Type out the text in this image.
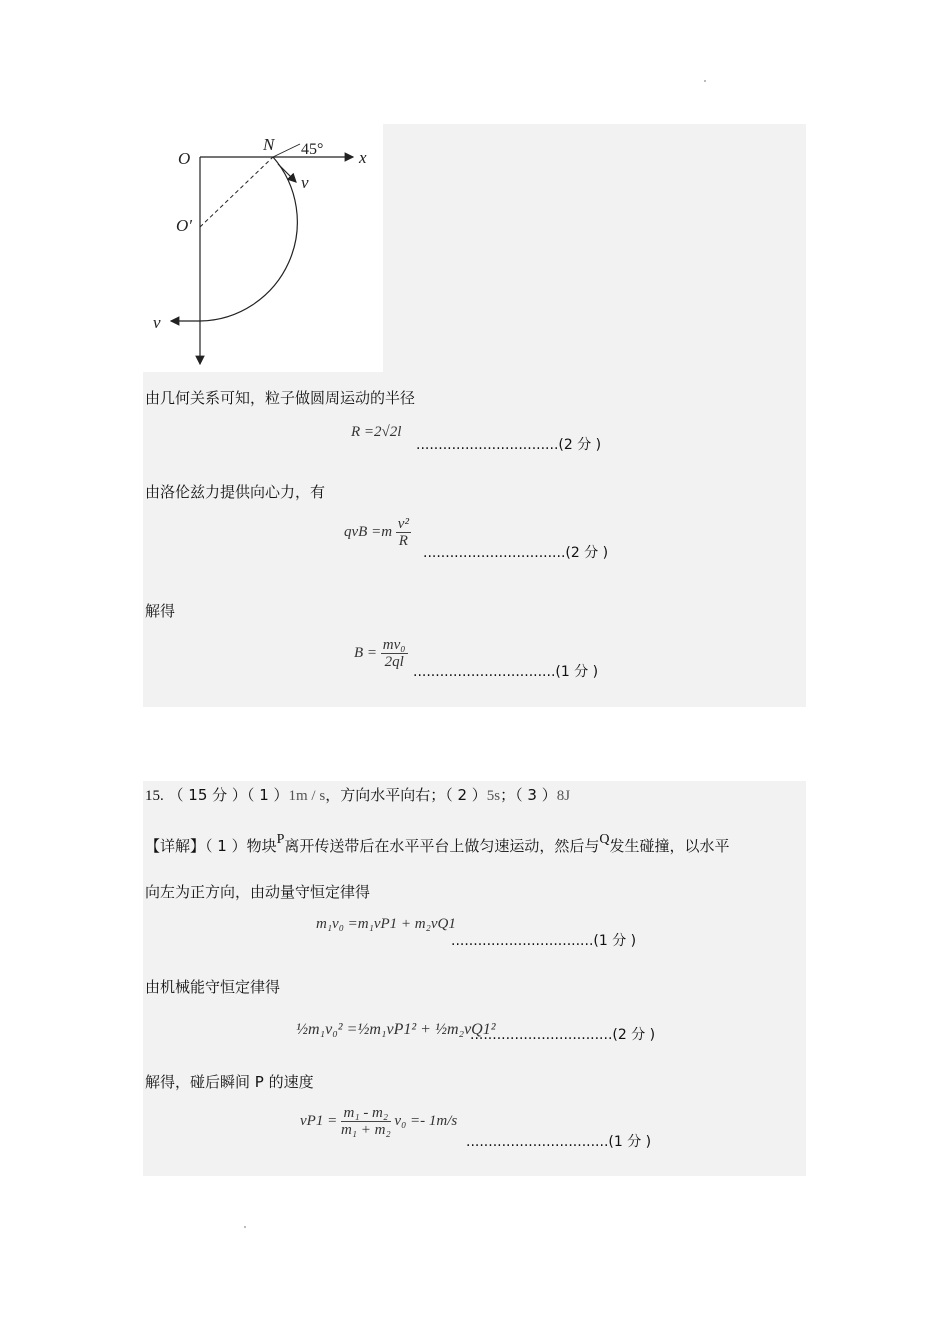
O
N 45° x
v
O′
v
由几何关系可知，粒子做圆周运动的半径
R =2√2l
................................(2 分 )
由洛伦兹力提供向心力，有
qvB $=m \frac{\text{v²}}{R}$
................................(2 分 )
解得
$B = \frac{\text{mv₀}}{2ql}$
................................(1 分 )
15. （ 15 分 ）（ 1 ）1m / s，方向水平向右；（ 2 ）5s；（ 3 ）8J
【详解】（ 1 ）物块$^P$离开传送带后在水平平台上做匀速运动，然后与$^Q$发生碰撞，以水平
向左为正方向，由动量守恒定律得
m₁v₀ =m₁vP1 + m₂vQ1
................................(1 分 )
由机械能守恒定律得
½m₁v₀² =½m₁vP1² + ½m₂vQ1²
................................(2 分 )
解得，碰后瞬间 P 的速度
$vP1 = \frac{\text{m₁ - m₂}}{\text{m₁ + m₂}} v_0 =- 1m/s$
................................(1 分 )
